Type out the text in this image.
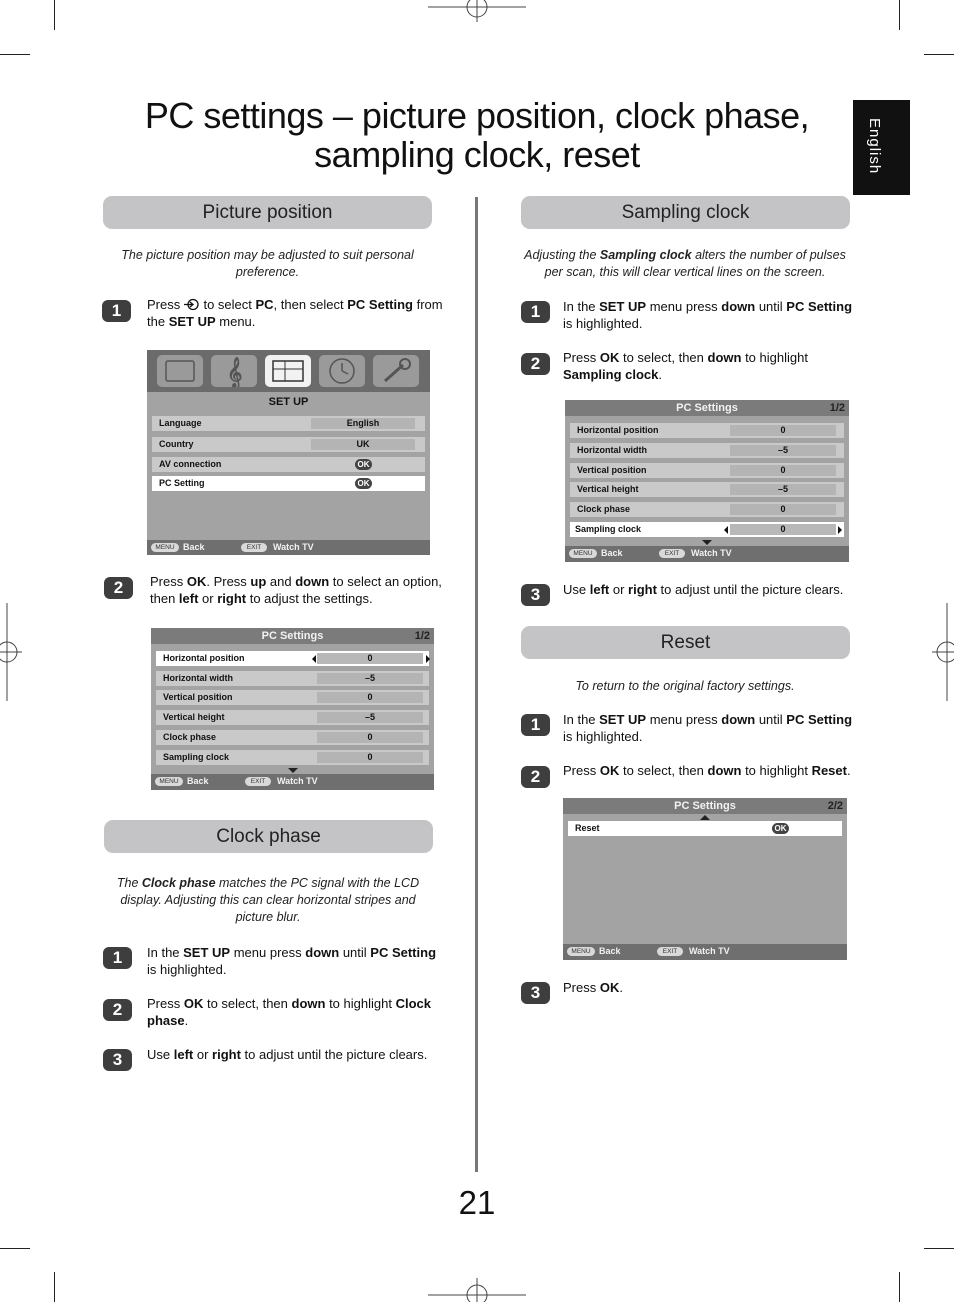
PC settings – picture position, clock phase,
sampling clock, reset	English
Picture position
The picture position may be adjusted to suit personal preference.
1	Press  to select PC, then select PC Setting from the SET UP menu.
𝄞
SET UP
Language	English
Country	UK
AV connection	OK
PC Setting	OK
MENU Back	EXIT	Watch TV
2	Press OK. Press up and down to select an option, then left or right to adjust the settings.
PC Settings	1/2
Horizontal position	0
Horizontal width	–5
Vertical position	0
Vertical height	–5
Clock phase	0
Sampling clock	0
MENU Back	EXIT	Watch TV
Clock phase
The Clock phase matches the PC signal with the LCD display. Adjusting this can clear horizontal stripes and picture blur.
1	In the SET UP menu press down until PC Setting is highlighted.
2	Press OK to select, then down to highlight Clock phase.
3	Use left or right to adjust until the picture clears.
Sampling clock
Adjusting the Sampling clock alters the number of pulses per scan, this will clear vertical lines on the screen.
1	In the SET UP menu press down until PC Setting is highlighted.
2	Press OK to select, then down to highlight Sampling clock.
PC Settings	1/2
Horizontal position	0
Horizontal width	–5
Vertical position	0
Vertical height	–5
Clock phase	0
Sampling clock	0
MENU Back	EXIT	Watch TV
3	Use left or right to adjust until the picture clears.
Reset
To return to the original factory settings.
1	In the SET UP menu press down until PC Setting is highlighted.
2	Press OK to select, then down to highlight Reset.
PC Settings	2/2
Reset	OK
MENU Back	EXIT	Watch TV
3	Press OK.
21
